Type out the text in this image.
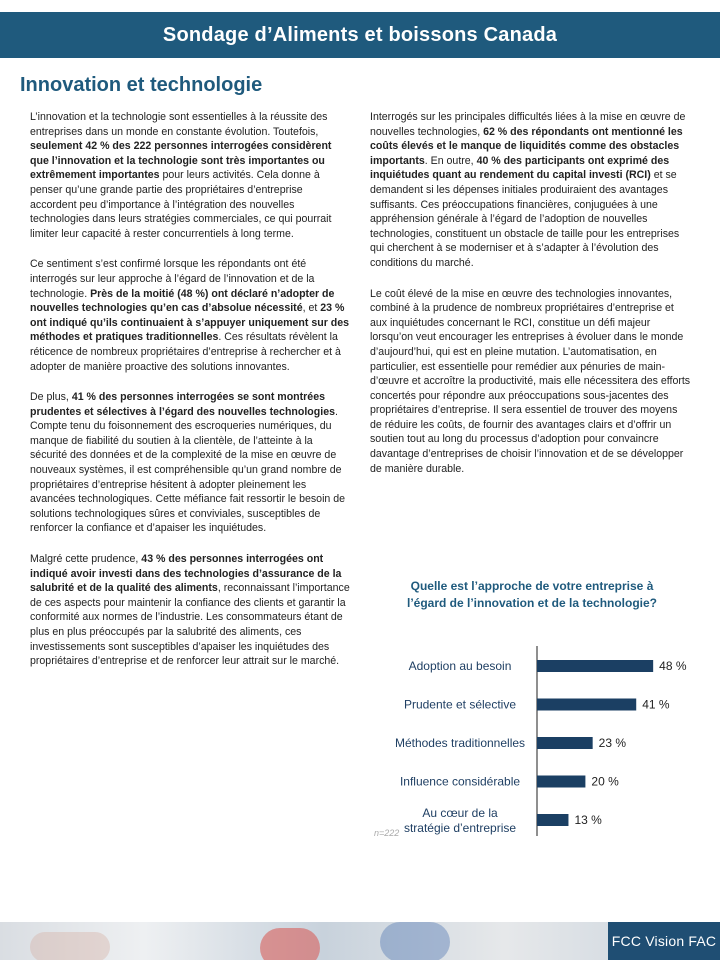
Sondage d’Aliments et boissons Canada
Innovation et technologie

L’innovation et la technologie sont essentielles à la réussite des entreprises dans un monde en constante évolution. Toutefois, seulement 42 % des 222 personnes interrogées considèrent que l’innovation et la technologie sont très importantes ou extrêmement importantes pour leurs activités. Cela donne à penser qu’une grande partie des propriétaires d’entreprise accordent peu d’importance à l’intégration des nouvelles technologies dans leurs stratégies commerciales, ce qui pourrait limiter leur capacité à rester concurrentiels à long terme.

Ce sentiment s’est confirmé lorsque les répondants ont été interrogés sur leur approche à l’égard de l’innovation et de la technologie. Près de la moitié (48 %) ont déclaré n’adopter de nouvelles technologies qu’en cas d’absolue nécessité, et 23 % ont indiqué qu’ils continuaient à s’appuyer uniquement sur des méthodes et pratiques traditionnelles. Ces résultats révèlent la réticence de nombreux propriétaires d’entreprise à rechercher et à adopter de manière proactive des solutions innovantes.

De plus, 41 % des personnes interrogées se sont montrées prudentes et sélectives à l’égard des nouvelles technologies. Compte tenu du foisonnement des escroqueries numériques, du manque de fiabilité du soutien à la clientèle, de l’atteinte à la sécurité des données et de la complexité de la mise en œuvre de nouveaux systèmes, il est compréhensible qu’un grand nombre de propriétaires d’entreprise hésitent à adopter pleinement les avancées technologiques. Cette méfiance fait ressortir le besoin de solutions technologiques sûres et conviviales, susceptibles de renforcer la confiance et d’apaiser les inquiétudes.

Malgré cette prudence, 43 % des personnes interrogées ont indiqué avoir investi dans des technologies d’assurance de la salubrité et de la qualité des aliments, reconnaissant l’importance de ces aspects pour maintenir la confiance des clients et garantir la conformité aux normes de l’industrie. Les consommateurs étant de plus en plus préoccupés par la salubrité des aliments, ces investissements sont susceptibles d’apaiser les inquiétudes des propriétaires d’entreprise et de renforcer leur attrait sur le marché.

Interrogés sur les principales difficultés liées à la mise en œuvre de nouvelles technologies, 62 % des répondants ont mentionné les coûts élevés et le manque de liquidités comme des obstacles importants. En outre, 40 % des participants ont exprimé des inquiétudes quant au rendement du capital investi (RCI) et se demandent si les dépenses initiales produiraient des avantages suffisants. Ces préoccupations financières, conjuguées à une appréhension générale à l’égard de l’adoption de nouvelles technologies, constituent un obstacle de taille pour les entreprises qui cherchent à se moderniser et à s’adapter à l’évolution des conditions du marché.

Le coût élevé de la mise en œuvre des technologies innovantes, combiné à la prudence de nombreux propriétaires d’entreprise et aux inquiétudes concernant le RCI, constitue un défi majeur lorsqu’on veut encourager les entreprises à évoluer dans le monde d’aujourd’hui, qui est en pleine mutation. L’automatisation, en particulier, est essentielle pour remédier aux pénuries de main-d’œuvre et accroître la productivité, mais elle nécessitera des efforts concertés pour répondre aux préoccupations sous-jacentes des propriétaires d’entreprise. Il sera essentiel de trouver des moyens de réduire les coûts, de fournir des avantages clairs et d’offrir un soutien tout au long du processus d’adoption pour convaincre davantage d’entreprises de choisir l’innovation et de se développer de manière durable.

Quelle est l’approche de votre entreprise à l’égard de l’innovation et de la technologie?
48 %
Adoption au besoin
41 %
Prudente et sélective
23 %
Méthodes traditionnelles
20 %
Influence considérable
13 %
Au cœur de la stratégie d’entreprise
n=222
FCC Vision FAC
